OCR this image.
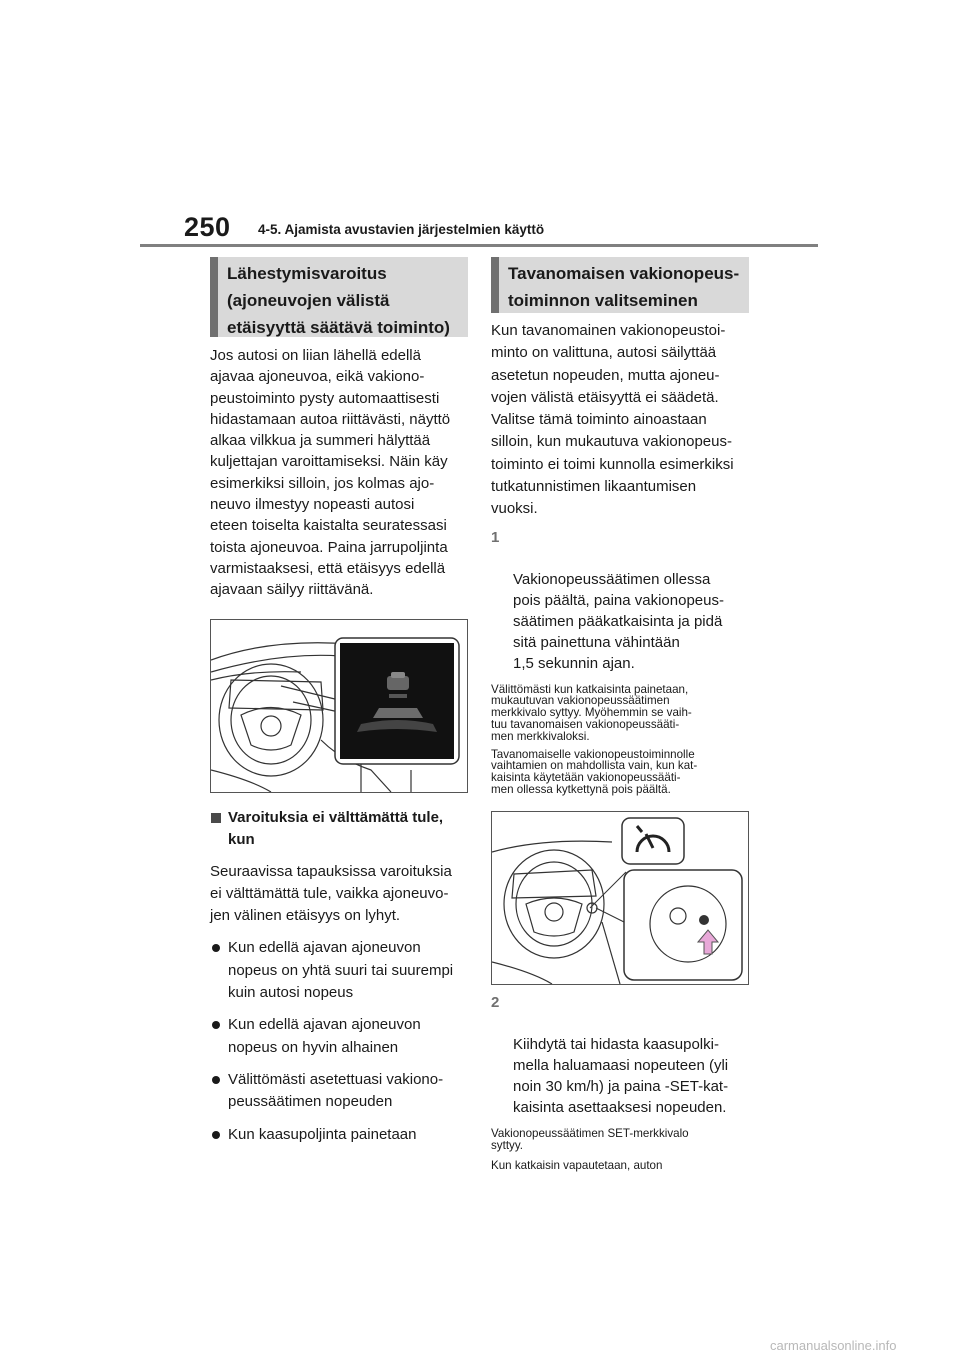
250 4-5. Ajamista avustavien järjestelmien käyttö
Lähestymisvaroitus
(ajoneuvojen välistä
etäisyyttä säätävä toiminto)

Jos autosi on liian lähellä edellä
ajavaa ajoneuvoa, eikä vakiono-
peustoiminto pysty automaattisesti
hidastamaan autoa riittävästi, näyttö
alkaa vilkkua ja summeri hälyttää
kuljettajan varoittamiseksi. Näin käy
esimerkiksi silloin, jos kolmas ajo-
neuvo ilmestyy nopeasti autosi
eteen toiselta kaistalta seuratessasi
toista ajoneuvoa. Paina jarrupoljinta
varmistaaksesi, että etäisyys edellä
ajavaan säilyy riittävänä.

Varoituksia ei välttämättä tule,
kun

Seuraavissa tapauksissa varoituksia
ei välttämättä tule, vaikka ajoneuvo-
jen välinen etäisyys on lyhyt.

Kun edellä ajavan ajoneuvon
nopeus on yhtä suuri tai suurempi
kuin autosi nopeus
Kun edellä ajavan ajoneuvon
nopeus on hyvin alhainen
Välittömästi asetettuasi vakiono-
peussäätimen nopeuden
Kun kaasupoljinta painetaan
Tavanomaisen vakionopeus-
toiminnon valitseminen

Kun tavanomainen vakionopeustoi-
minto on valittuna, autosi säilyttää
asetetun nopeuden, mutta ajoneu-
vojen välistä etäisyyttä ei säädetä.
Valitse tämä toiminto ainoastaan
silloin, kun mukautuva vakionopeus-
toiminto ei toimi kunnolla esimerkiksi
tutkatunnistimen likaantumisen
vuoksi.

1

Vakionopeussäätimen ollessa
pois päältä, paina vakionopeus-
säätimen pääkatkaisinta ja pidä
sitä painettuna vähintään
1,5 sekunnin ajan.

Välittömästi kun katkaisinta painetaan,
mukautuvan vakionopeussäätimen
merkkivalo syttyy. Myöhemmin se vaih-
tuu tavanomaisen vakionopeussääti-
men merkkivaloksi.

Tavanomaiselle vakionopeustoiminnolle
vaihtamien on mahdollista vain, kun kat-
kaisinta käytetään vakionopeussääti-
men ollessa kytkettynä pois päältä.

2

Kiihdytä tai hidasta kaasupolki-
mella haluamaasi nopeuteen (yli
noin 30 km/h) ja paina -SET-kat-
kaisinta asettaaksesi nopeuden.

Vakionopeussäätimen SET-merkkivalo
syttyy.

Kun katkaisin vapautetaan, auton

carmanualsonline.info
